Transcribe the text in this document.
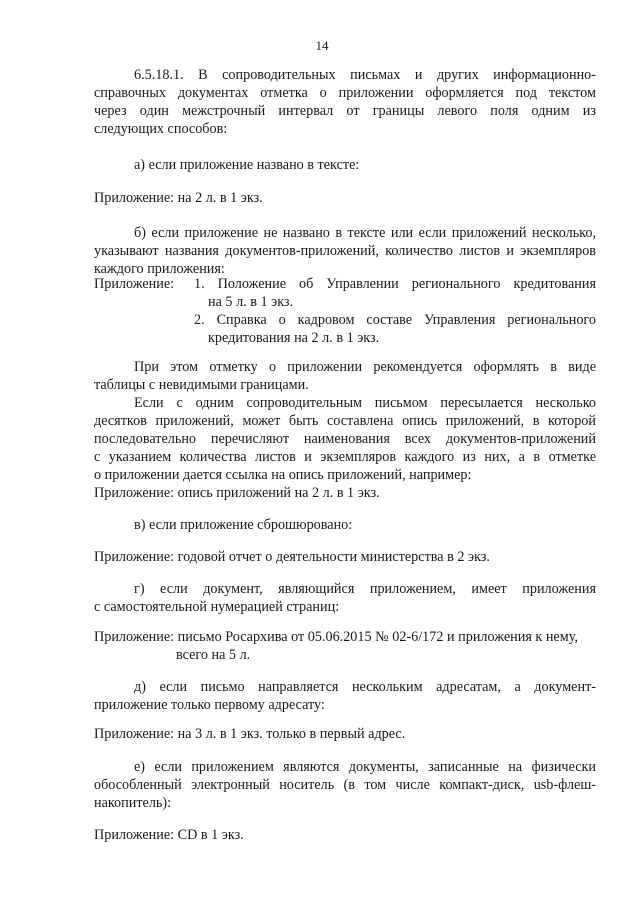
14

6.5.18.1. В сопроводительных письмах и других информационно-

справочных документах отметка о приложении оформляется под текстом

через один межстрочный интервал от границы левого поля одним из

следующих способов:

а) если приложение названо в тексте:

Приложение: на 2 л. в 1 экз.

б) если приложение не названо в тексте или если приложений несколько,

указывают названия документов-приложений, количество листов и экземпляров

каждого приложения:

Приложение: 1. Положение об Управлении регионального кредитования

на 5 л. в 1 экз.

2. Справка о кадровом составе Управления регионального

кредитования на 2 л. в 1 экз.

При этом отметку о приложении рекомендуется оформлять в виде

таблицы с невидимыми границами.

Если с одним сопроводительным письмом пересылается несколько

десятков приложений, может быть составлена опись приложений, в которой

последовательно перечисляют наименования всех документов-приложений

с указанием количества листов и экземпляров каждого из них, а в отметке

о приложении дается ссылка на опись приложений, например:

Приложение: опись приложений на 2 л. в 1 экз.

в) если приложение сброшюровано:

Приложение: годовой отчет о деятельности министерства в 2 экз.

г) если документ, являющийся приложением, имеет приложения

с самостоятельной нумерацией страниц:

Приложение: письмо Росархива от 05.06.2015 № 02-6/172 и приложения к нему,

всего на 5 л.

д) если письмо направляется нескольким адресатам, а документ-

приложение только первому адресату:

Приложение: на 3 л. в 1 экз. только в первый адрес.

е) если приложением являются документы, записанные на физически

обособленный электронный носитель (в том числе компакт-диск, usb-флеш-

накопитель):

Приложение: CD в 1 экз.
